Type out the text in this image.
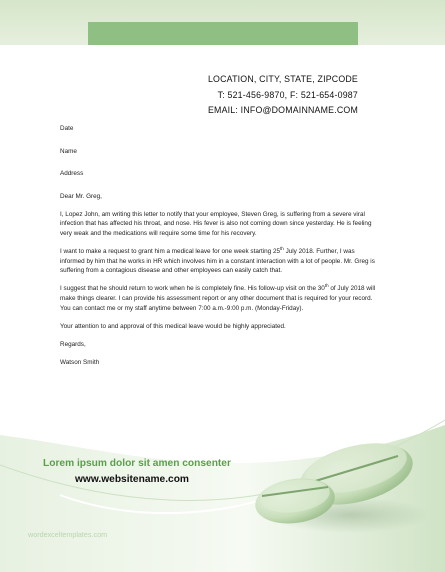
LOCATION, CITY, STATE, ZIPCODE
T: 521-456-9870, F: 521-654-0987
EMAIL: INFO@DOMAINNAME.COM

Date

Name

Address

Dear Mr. Greg,

I, Lopez John, am writing this letter to notify that your employee, Steven Greg, is suffering from a severe viral infection that has affected his throat, and nose. His fever is also not coming down since yesterday. He is feeling very weak and the medications will require some time for his recovery.

I want to make a request to grant him a medical leave for one week starting 25th July 2018. Further, I was informed by him that he works in HR which involves him in a constant interaction with a lot of people. Mr. Greg is suffering from a contagious disease and other employees can easily catch that.

I suggest that he should return to work when he is completely fine. His follow-up visit on the 30th of July 2018 will make things clearer. I can provide his assessment report or any other document that is required for your record. You can contact me or my staff anytime between 7:00 a.m.-9:00 p.m. (Monday-Friday).

Your attention to and approval of this medical leave would be highly appreciated.

Regards,

Watson Smith

Lorem ipsum dolor sit amen consenter
www.websitename.com
wordexceltemplates.com
